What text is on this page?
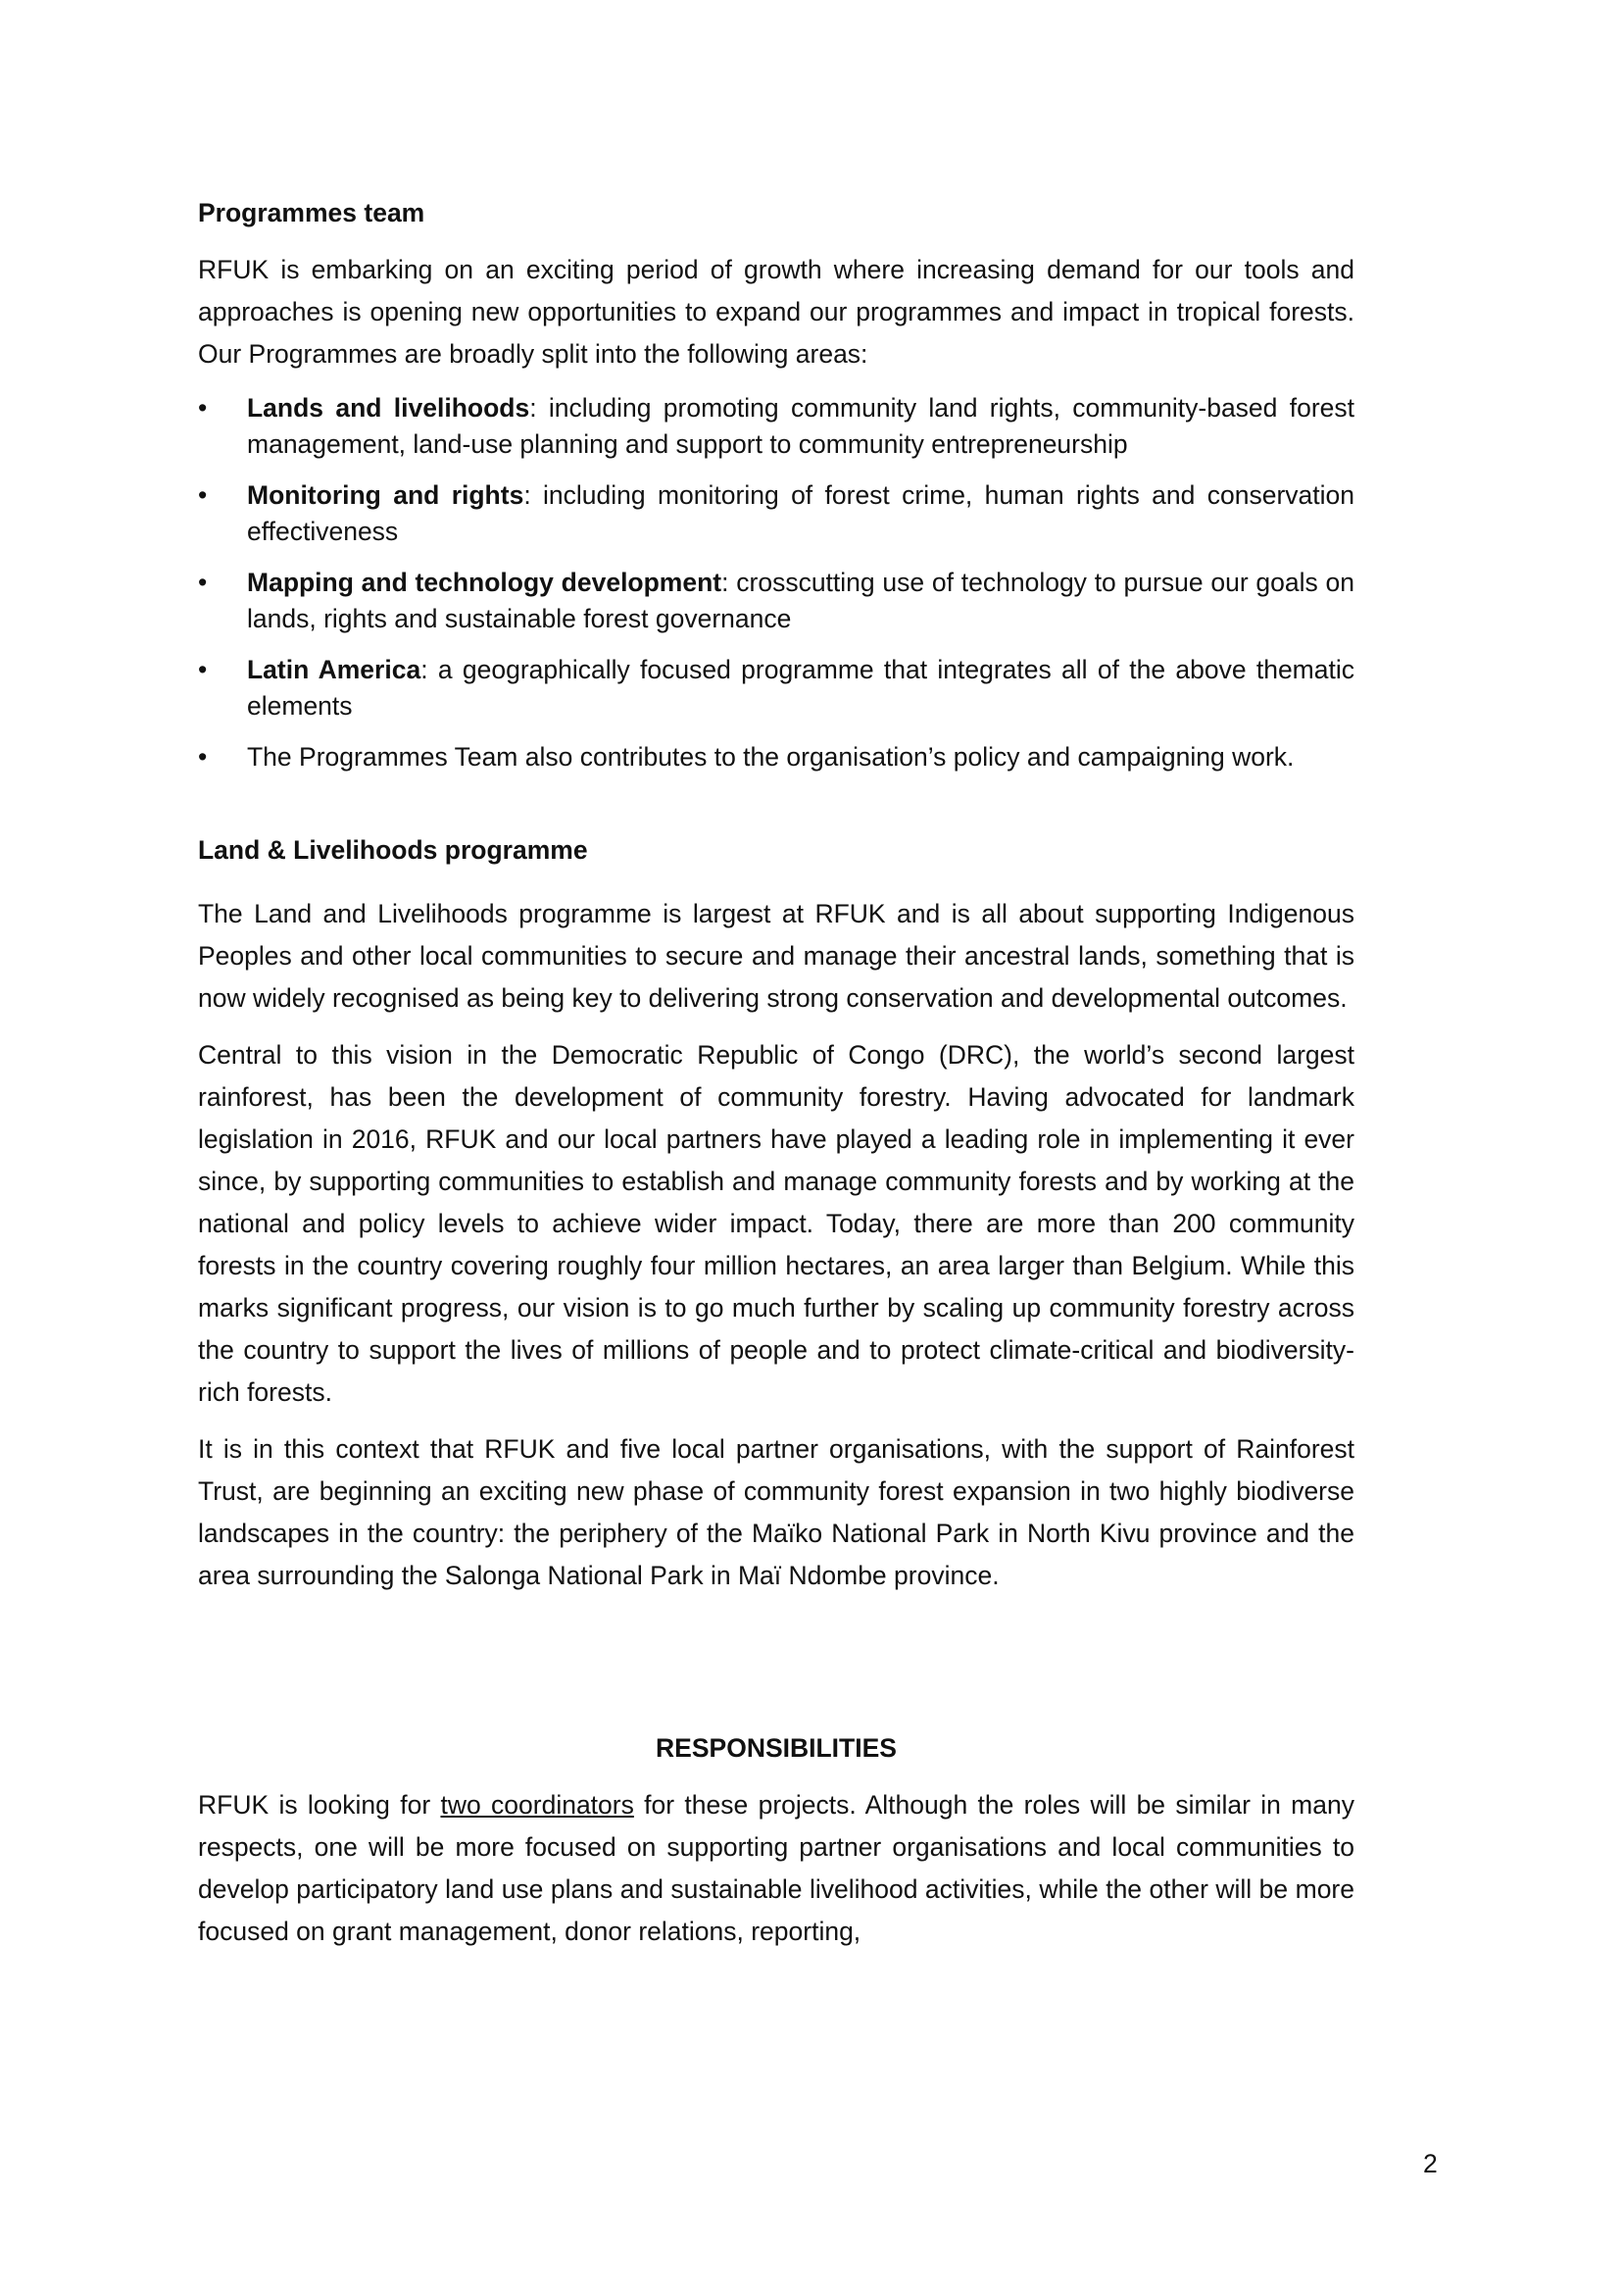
Programmes team

RFUK is embarking on an exciting period of growth where increasing demand for our tools and approaches is opening new opportunities to expand our programmes and impact in tropical forests. Our Programmes are broadly split into the following areas:

• Lands and livelihoods: including promoting community land rights, community-based forest management, land-use planning and support to community entrepreneurship
• Monitoring and rights: including monitoring of forest crime, human rights and conservation effectiveness
• Mapping and technology development: crosscutting use of technology to pursue our goals on lands, rights and sustainable forest governance
• Latin America: a geographically focused programme that integrates all of the above thematic elements
• The Programmes Team also contributes to the organisation’s policy and campaigning work.
Land & Livelihoods programme

The Land and Livelihoods programme is largest at RFUK and is all about supporting Indigenous Peoples and other local communities to secure and manage their ancestral lands, something that is now widely recognised as being key to delivering strong conservation and developmental outcomes.

Central to this vision in the Democratic Republic of Congo (DRC), the world’s second largest rainforest, has been the development of community forestry. Having advocated for landmark legislation in 2016, RFUK and our local partners have played a leading role in implementing it ever since, by supporting communities to establish and manage community forests and by working at the national and policy levels to achieve wider impact. Today, there are more than 200 community forests in the country covering roughly four million hectares, an area larger than Belgium. While this marks significant progress, our vision is to go much further by scaling up community forestry across the country to support the lives of millions of people and to protect climate-critical and biodiversity-rich forests.

It is in this context that RFUK and five local partner organisations, with the support of Rainforest Trust, are beginning an exciting new phase of community forest expansion in two highly biodiverse landscapes in the country: the periphery of the Maïko National Park in North Kivu province and the area surrounding the Salonga National Park in Maï Ndombe province.

RESPONSIBILITIES

RFUK is looking for two coordinators for these projects. Although the roles will be similar in many respects, one will be more focused on supporting partner organisations and local communities to develop participatory land use plans and sustainable livelihood activities, while the other will be more focused on grant management, donor relations, reporting,

2
